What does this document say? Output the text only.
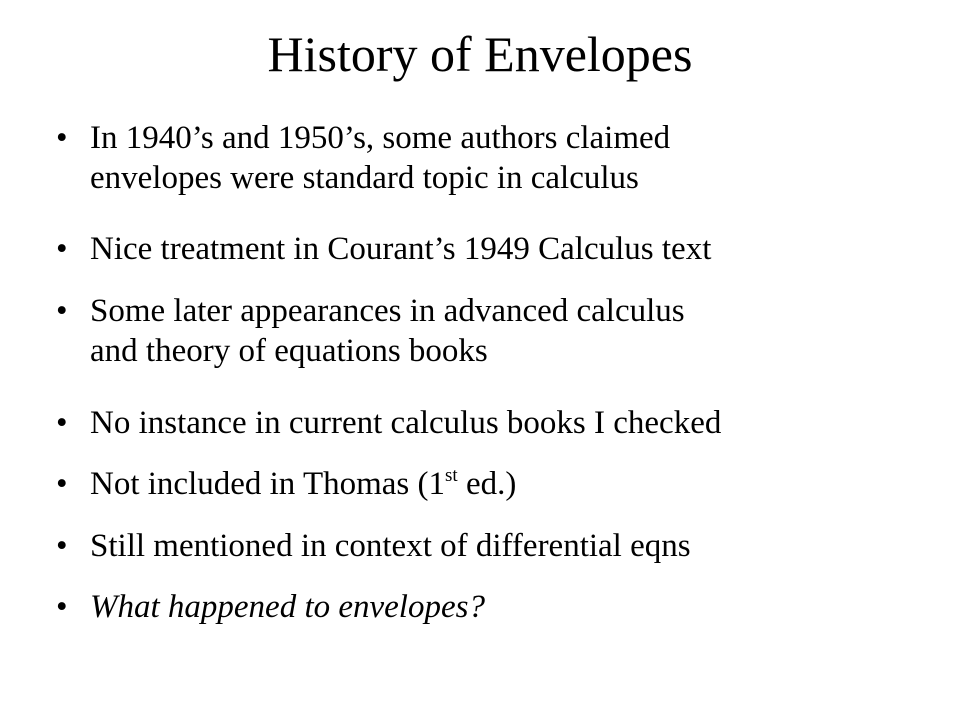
History of Envelopes
• In 1940’s and 1950’s, some authors claimed
envelopes were standard topic in calculus
• Nice treatment in Courant’s 1949 Calculus text
• Some later appearances in advanced calculus
and theory of equations books
• No instance in current calculus books I checked
• Not included in Thomas (1st ed.)
• Still mentioned in context of differential eqns
• What happened to envelopes?
